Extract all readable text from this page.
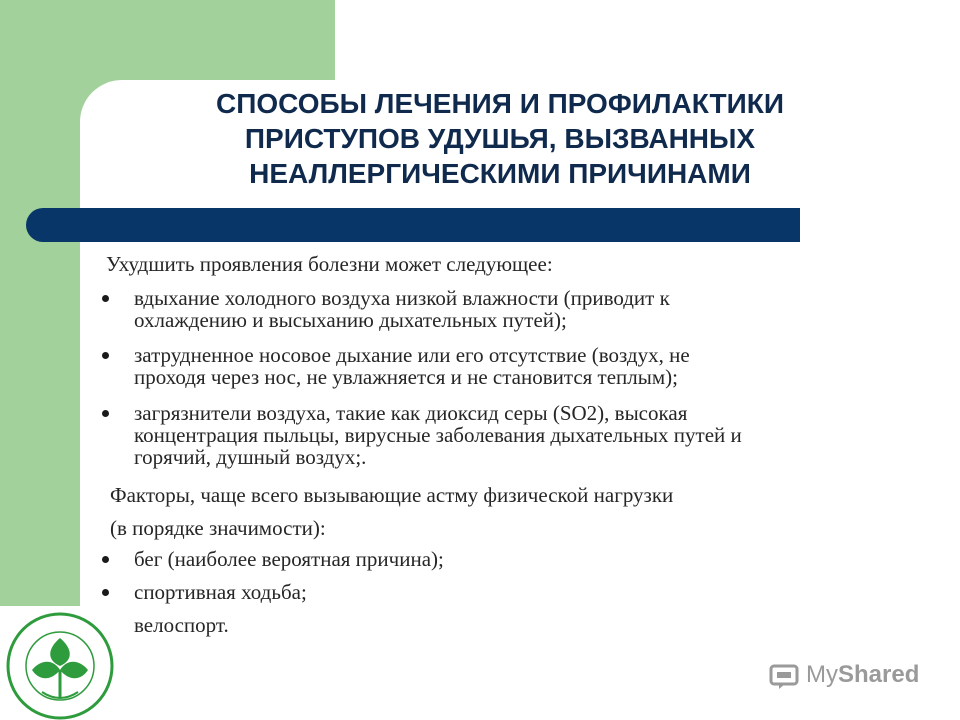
СПОСОБЫ ЛЕЧЕНИЯ И ПРОФИЛАКТИКИ
ПРИСТУПОВ УДУШЬЯ, ВЫЗВАННЫХ
НЕАЛЛЕРГИЧЕСКИМИ ПРИЧИНАМИ
Ухудшить проявления болезни может следующее:
вдыхание холодного воздуха низкой влажности (приводит к
охлаждению и высыханию дыхательных путей);
затрудненное носовое дыхание или его отсутствие (воздух, не
проходя через нос, не увлажняется и не становится теплым);
загрязнители воздуха, такие как диоксид серы (SO2), высокая
концентрация пыльцы, вирусные заболевания дыхательных путей и
горячий, душный воздух;.
Факторы, чаще всего вызывающие астму физической нагрузки
(в порядке значимости):
бег (наиболее вероятная причина);
спортивная ходьба;
велоспорт.
My Shared
